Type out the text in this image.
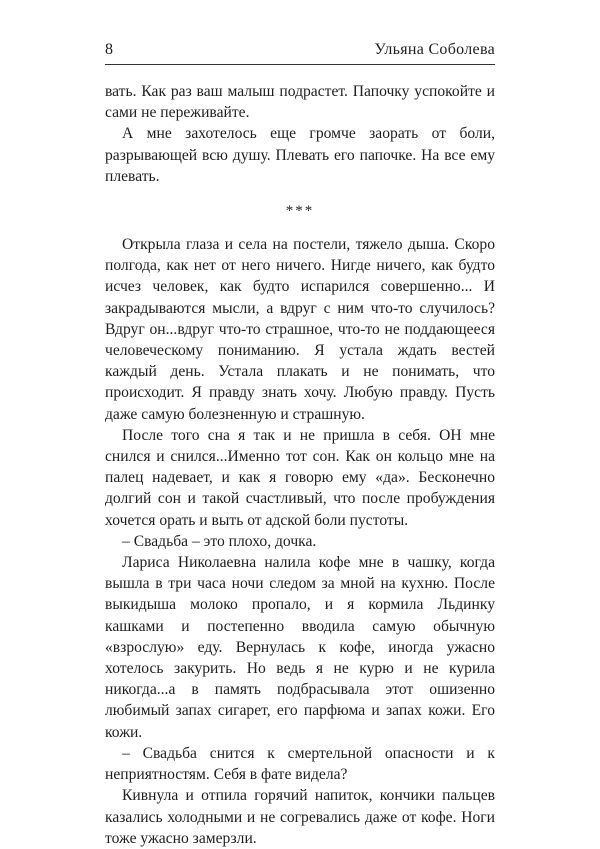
8	Ульяна Соболева

вать. Как раз ваш малыш подрастет. Папочку успокойте и сами не переживайте.

А мне захотелось еще громче заорать от боли, разрывающей всю душу. Плевать его папочке. На все ему плевать.

***

Открыла глаза и села на постели, тяжело дыша. Скоро полгода, как нет от него ничего. Нигде ничего, как будто исчез человек, как будто испарился совершенно... И закрадываются мысли, а вдруг с ним что-то случилось? Вдруг он...вдруг что-то страшное, что-то не поддающееся человеческому пониманию. Я устала ждать вестей каждый день. Устала плакать и не понимать, что происходит. Я правду знать хочу. Любую правду. Пусть даже самую болезненную и страшную.

После того сна я так и не пришла в себя. ОН мне снился и снился...Именно тот сон. Как он кольцо мне на палец надевает, и как я говорю ему «да». Бесконечно долгий сон и такой счастливый, что после пробуждения хочется орать и выть от адской боли пустоты.

– Свадьба – это плохо, дочка.

Лариса Николаевна налила кофе мне в чашку, когда вышла в три часа ночи следом за мной на кухню. После выкидыша молоко пропало, и я кормила Льдинку кашками и постепенно вводила самую обычную «взрослую» еду. Вернулась к кофе, иногда ужасно хотелось закурить. Но ведь я не курю и не курила никогда...а в память подбрасывала этот ошизенно любимый запах сигарет, его парфюма и запах кожи. Его кожи.

– Свадьба снится к смертельной опасности и к неприятностям. Себя в фате видела?

Кивнула и отпила горячий напиток, кончики пальцев казались холодными и не согревались даже от кофе. Ноги тоже ужасно замерзли.
